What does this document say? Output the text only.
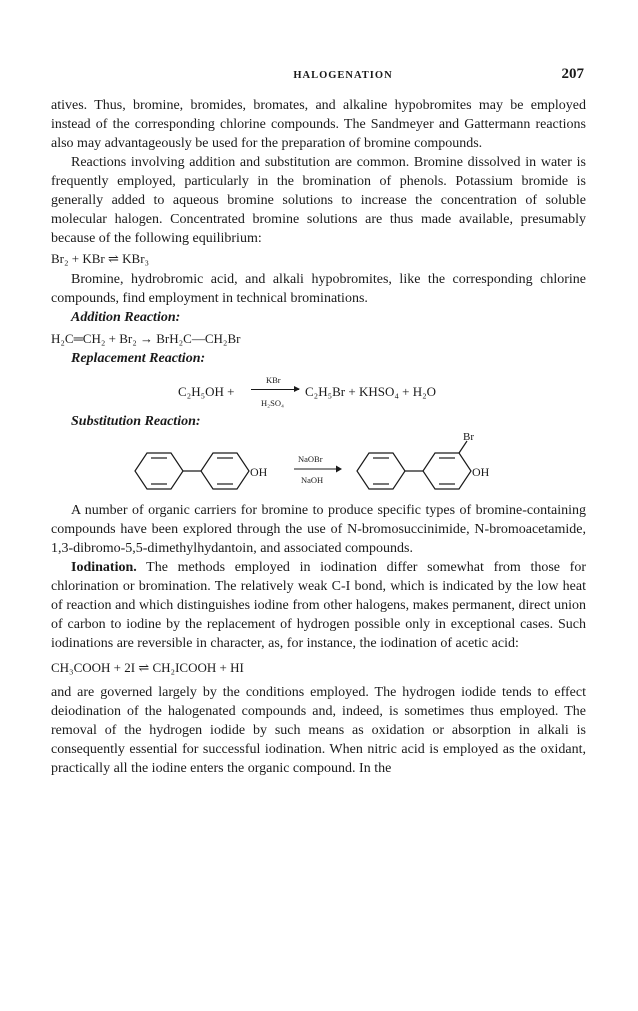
HALOGENATION	207

atives. Thus, bromine, bromides, bromates, and alkaline hypobromites may be employed instead of the corresponding chlorine compounds. The Sandmeyer and Gattermann reactions also may advantageously be used for the preparation of bromine compounds.

Reactions involving addition and substitution are common. Bromine dissolved in water is frequently employed, particularly in the bromination of phenols. Potassium bromide is generally added to aqueous bromine solutions to increase the concentration of soluble molecular halogen. Concentrated bromine solutions are thus made available, presumably because of the following equilibrium:

Br₂ + KBr ⇌ KBr₃

Bromine, hydrobromic acid, and alkali hypobromites, like the corresponding chlorine compounds, find employment in technical brominations.

Addition Reaction:

H₂C═CH₂ + Br₂ → BrH₂C—CH₂Br

Replacement Reaction:

C₂H₅OH +
KBr
H₂SO₄
C₂H₅Br + KHSO₄ + H₂O

Substitution Reaction:

OH
NaOBr
NaOH
Br
OH

A number of organic carriers for bromine to produce specific types of bromine-containing compounds have been explored through the use of N-bromosuccinimide, N-bromoacetamide, 1,3-dibromo-5,5-dimethylhydantoin, and associated compounds.

Iodination. The methods employed in iodination differ somewhat from those for chlorination or bromination. The relatively weak C-I bond, which is indicated by the low heat of reaction and which distinguishes iodine from other halogens, makes permanent, direct union of carbon to iodine by the replacement of hydrogen possible only in exceptional cases. Such iodinations are reversible in character, as, for instance, the iodination of acetic acid:

CH₃COOH + 2I ⇌ CH₂ICOOH + HI

and are governed largely by the conditions employed. The hydrogen iodide tends to effect deiodination of the halogenated compounds and, indeed, is sometimes thus employed. The removal of the hydrogen iodide by such means as oxidation or absorption in alkali is consequently essential for successful iodination. When nitric acid is employed as the oxidant, practically all the iodine enters the organic compound. In the
